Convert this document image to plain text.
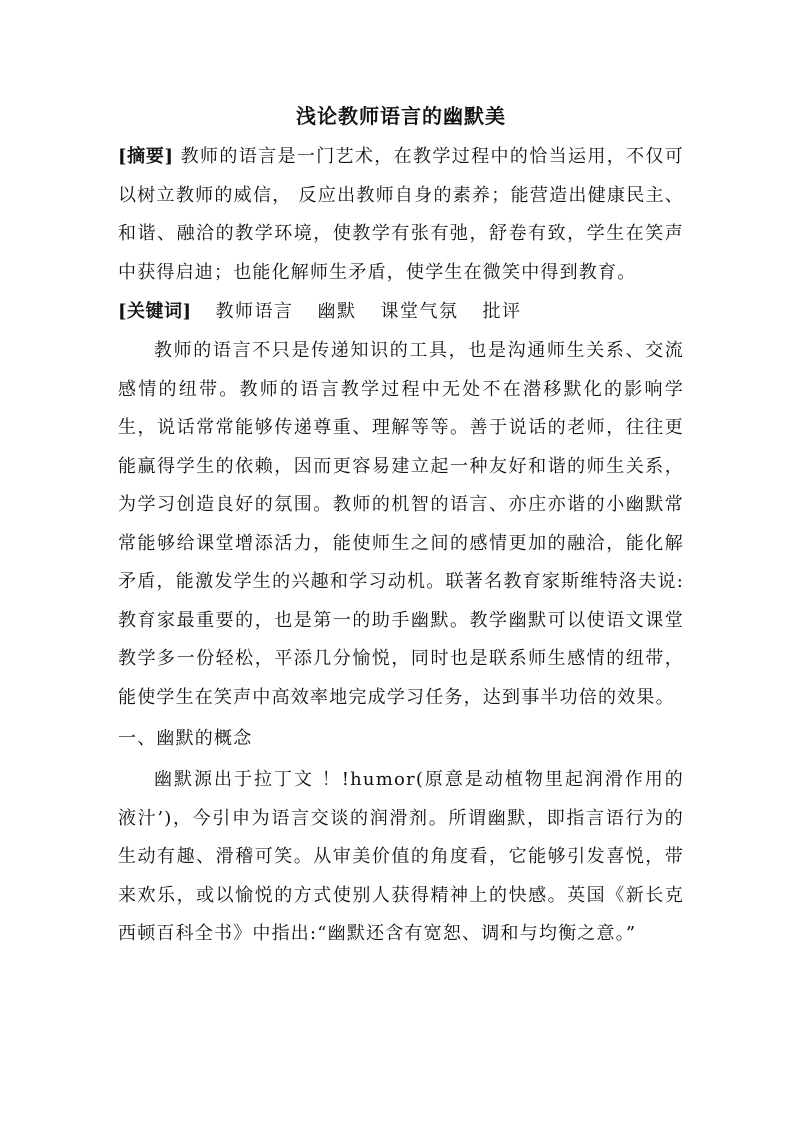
浅论教师语言的幽默美

[摘要] 教师的语言是一门艺术，在教学过程中的恰当运用，不仅可以树立教师的威信， 反应出教师自身的素养；能营造出健康民主、和谐、融洽的教学环境，使教学有张有弛，舒卷有致，学生在笑声中获得启迪；也能化解师生矛盾，使学生在微笑中得到教育。

[关键词] 教师语言 幽默 课堂气氛 批评

教师的语言不只是传递知识的工具，也是沟通师生关系、交流感情的纽带。教师的语言教学过程中无处不在潜移默化的影响学生，说话常常能够传递尊重、理解等等。善于说话的老师，往往更能赢得学生的依赖，因而更容易建立起一种友好和谐的师生关系，为学习创造良好的氛围。教师的机智的语言、亦庄亦谐的小幽默常常能够给课堂增添活力，能使师生之间的感情更加的融洽，能化解矛盾，能激发学生的兴趣和学习动机。联著名教育家斯维特洛夫说:教育家最重要的，也是第一的助手幽默。教学幽默可以使语文课堂教学多一份轻松，平添几分愉悦，同时也是联系师生感情的纽带，能使学生在笑声中高效率地完成学习任务，达到事半功倍的效果。

一、幽默的概念

幽默源出于拉丁文 ！!humor(原意是动植物里起润滑作用的液汁’)，今引申为语言交谈的润滑剂。所谓幽默，即指言语行为的生动有趣、滑稽可笑。从审美价值的角度看，它能够引发喜悦，带来欢乐，或以愉悦的方式使别人获得精神上的快感。英国《新长克西顿百科全书》中指出:“幽默还含有宽恕、调和与均衡之意。”
